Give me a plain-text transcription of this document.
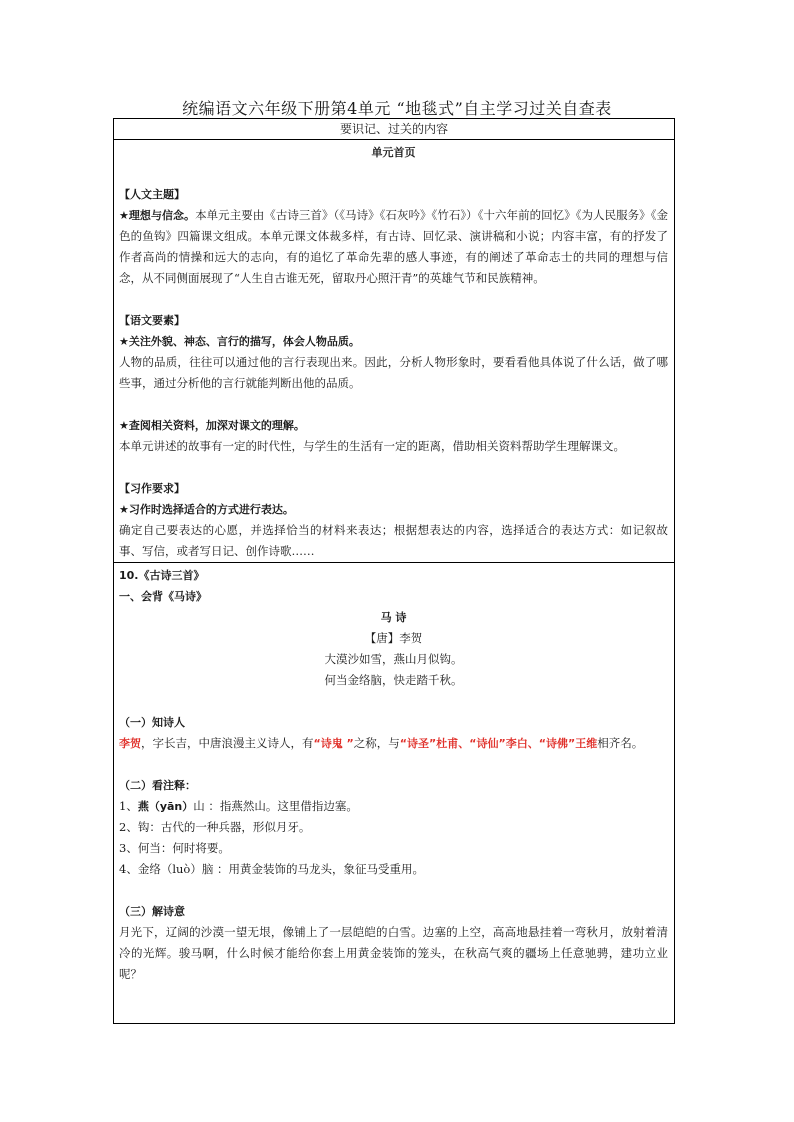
统编语文六年级下册第4单元 “地毯式”自主学习过关自查表
要识记、过关的内容

单元首页
【人文主题】

★理想与信念。本单元主要由《古诗三首》（《马诗》《石灰吟》《竹石》）《十六年前的回忆》《为人民服务》《金色的鱼钩》四篇课文组成。本单元课文体裁多样，有古诗、回忆录、演讲稿和小说；内容丰富，有的抒发了作者高尚的情操和远大的志向，有的追忆了革命先辈的感人事迹，有的阐述了革命志士的共同的理想与信念，从不同侧面展现了“人生自古谁无死，留取丹心照汗青”的英雄气节和民族精神。

【语文要素】
★关注外貌、神态、言行的描写，体会人物品质。

人物的品质，往往可以通过他的言行表现出来。因此，分析人物形象时，要看看他具体说了什么话，做了哪些事，通过分析他的言行就能判断出他的品质。

★查阅相关资料，加深对课文的理解。

本单元讲述的故事有一定的时代性，与学生的生活有一定的距离，借助相关资料帮助学生理解课文。

【习作要求】
★习作时选择适合的方式进行表达。

确定自己要表达的心愿，并选择恰当的材料来表达；根据想表达的内容，选择适合的表达方式：如记叙故事、写信，或者写日记、创作诗歌……

10.《古诗三首》
一、会背《马诗》
马 诗
【唐】李贺
大漠沙如雪，燕山月似钩。
何当金络脑，快走踏千秋。
（一）知诗人

李贺，字长吉，中唐浪漫主义诗人，有“诗鬼 ”之称，与“诗圣”杜甫、“诗仙”李白、“诗佛”王维相齐名。

（二）看注释：
1、燕（yān）山 ：指燕然山。这里借指边塞。
2、钩：古代的一种兵器，形似月牙。
3、何当：何时将要。
4、金络（luò）脑 ：用黄金装饰的马龙头，象征马受重用。
（三）解诗意

月光下，辽阔的沙漠一望无垠，像铺上了一层皑皑的白雪。边塞的上空，高高地悬挂着一弯秋月，放射着清冷的光辉。骏马啊，什么时候才能给你套上用黄金装饰的笼头，在秋高气爽的疆场上任意驰骋，建功立业呢？
